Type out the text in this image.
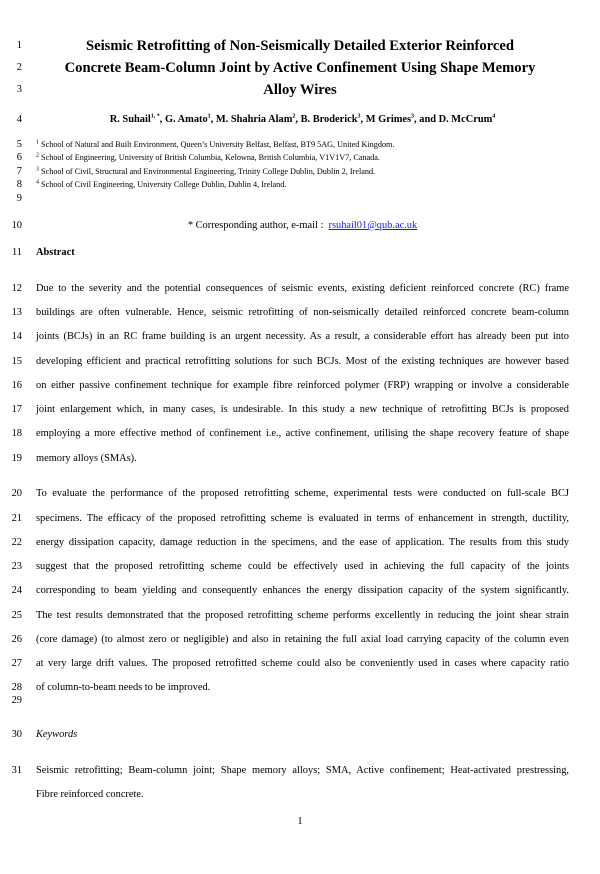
1
2
3
4
5
6
7
8
9
10
11
12
13
14
15
16
17
18
19
20
21
22
23
24
25
26
27
28
29
30
31
Seismic Retrofitting of Non-Seismically Detailed Exterior Reinforced
Concrete Beam-Column Joint by Active Confinement Using Shape Memory
Alloy Wires
R. Suhail$^{1, *}$, G. Amato$^1$, M. Shahria Alam$^2$, B. Broderick$^3$, M Grimes$^3$, and D. McCrum$^4$
$^1$ School of Natural and Built Environment, Queen’s University Belfast, Belfast, BT9 5AG, United Kingdom.
$^2$ School of Engineering, University of British Columbia, Kelowna, British Columbia, V1V1V7, Canada.
$^3$ School of Civil, Structural and Environmental Engineering, Trinity College Dublin, Dublin 2, Ireland.
$^4$ School of Civil Engineering, University College Dublin, Dublin 4, Ireland.
* Corresponding author, e-mail : rsuhail01@qub.ac.uk
Abstract
Due to the severity and the potential consequences of seismic events, existing deficient reinforced concrete (RC) frame
buildings are often vulnerable. Hence, seismic retrofitting of non-seismically detailed reinforced concrete beam-column
joints (BCJs) in an RC frame building is an urgent necessity. As a result, a considerable effort has already been put into
developing efficient and practical retrofitting solutions for such BCJs. Most of the existing techniques are however based
on either passive confinement technique for example fibre reinforced polymer (FRP) wrapping or involve a considerable
joint enlargement which, in many cases, is undesirable. In this study a new technique of retrofitting BCJs is proposed
employing a more effective method of confinement i.e., active confinement, utilising the shape recovery feature of shape
memory alloys (SMAs).
To evaluate the performance of the proposed retrofitting scheme, experimental tests were conducted on full-scale BCJ
specimens. The efficacy of the proposed retrofitting scheme is evaluated in terms of enhancement in strength, ductility,
energy dissipation capacity, damage reduction in the specimens, and the ease of application. The results from this study
suggest that the proposed retrofitting scheme could be effectively used in achieving the full capacity of the joints
corresponding to beam yielding and consequently enhances the energy dissipation capacity of the system significantly.
The test results demonstrated that the proposed retrofitting scheme performs excellently in reducing the joint shear strain
(core damage) (to almost zero or negligible) and also in retaining the full axial load carrying capacity of the column even
at very large drift values. The proposed retrofitted scheme could also be conveniently used in cases where capacity ratio
of column-to-beam needs to be improved.
Keywords
Seismic retrofitting; Beam-column joint; Shape memory alloys; SMA, Active confinement; Heat-activated prestressing,
Fibre reinforced concrete.
1
